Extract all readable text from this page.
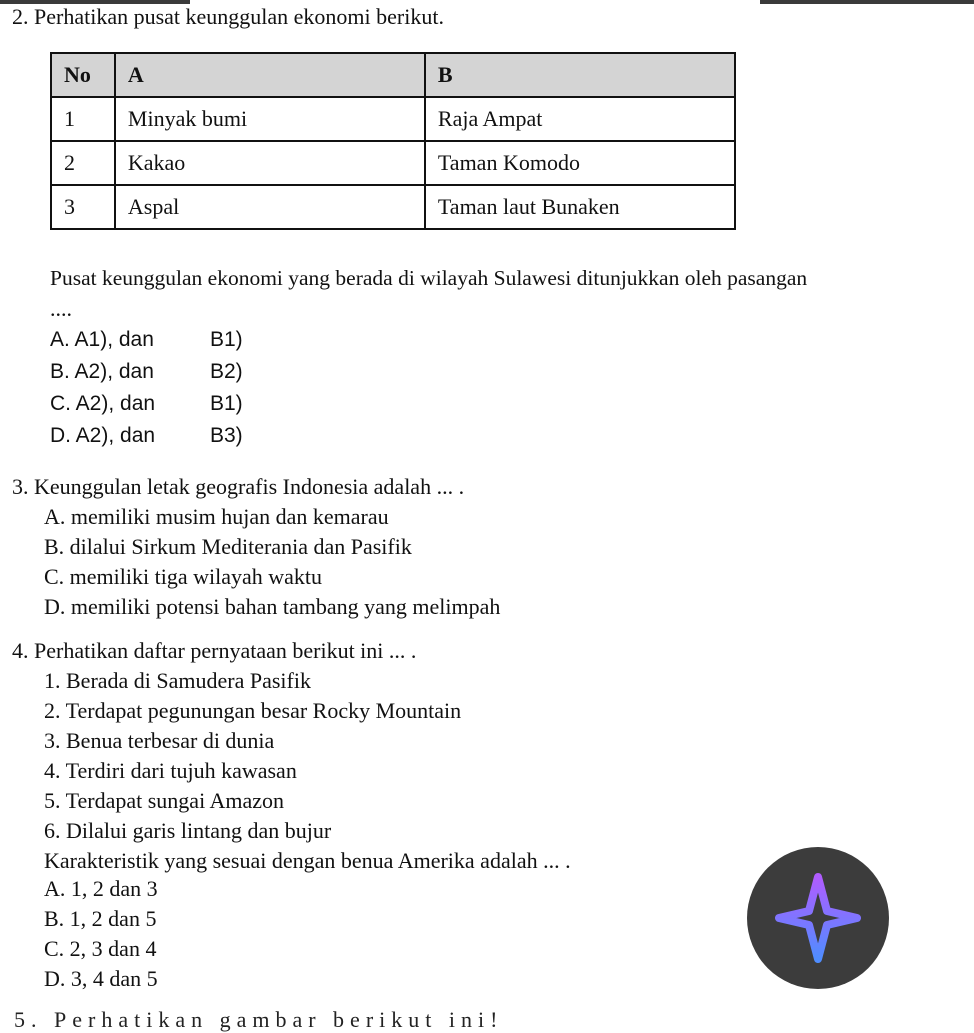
2. Perhatikan pusat keunggulan ekonomi berikut.
No	A	B
1	Minyak bumi	Raja Ampat
2	Kakao	Taman Komodo
3	Aspal	Taman laut Bunaken
Pusat keunggulan ekonomi yang berada di wilayah Sulawesi ditunjukkan oleh pasangan
....
A. A1), dan	B1)
B. A2), dan	B2)
C. A2), dan	B1)
D. A2), dan	B3)
3. Keunggulan letak geografis Indonesia adalah ... .
A. memiliki musim hujan dan kemarau
B. dilalui Sirkum Mediterania dan Pasifik
C. memiliki tiga wilayah waktu
D. memiliki potensi bahan tambang yang melimpah
4. Perhatikan daftar pernyataan berikut ini ... .
1. Berada di Samudera Pasifik
2. Terdapat pegunungan besar Rocky Mountain
3. Benua terbesar di dunia
4. Terdiri dari tujuh kawasan
5. Terdapat sungai Amazon
6. Dilalui garis lintang dan bujur
Karakteristik yang sesuai dengan benua Amerika adalah ... .
A. 1, 2 dan 3
B. 1, 2 dan 5
C. 2, 3 dan 4
D. 3, 4 dan 5
5. Perhatikan gambar berikut ini!
